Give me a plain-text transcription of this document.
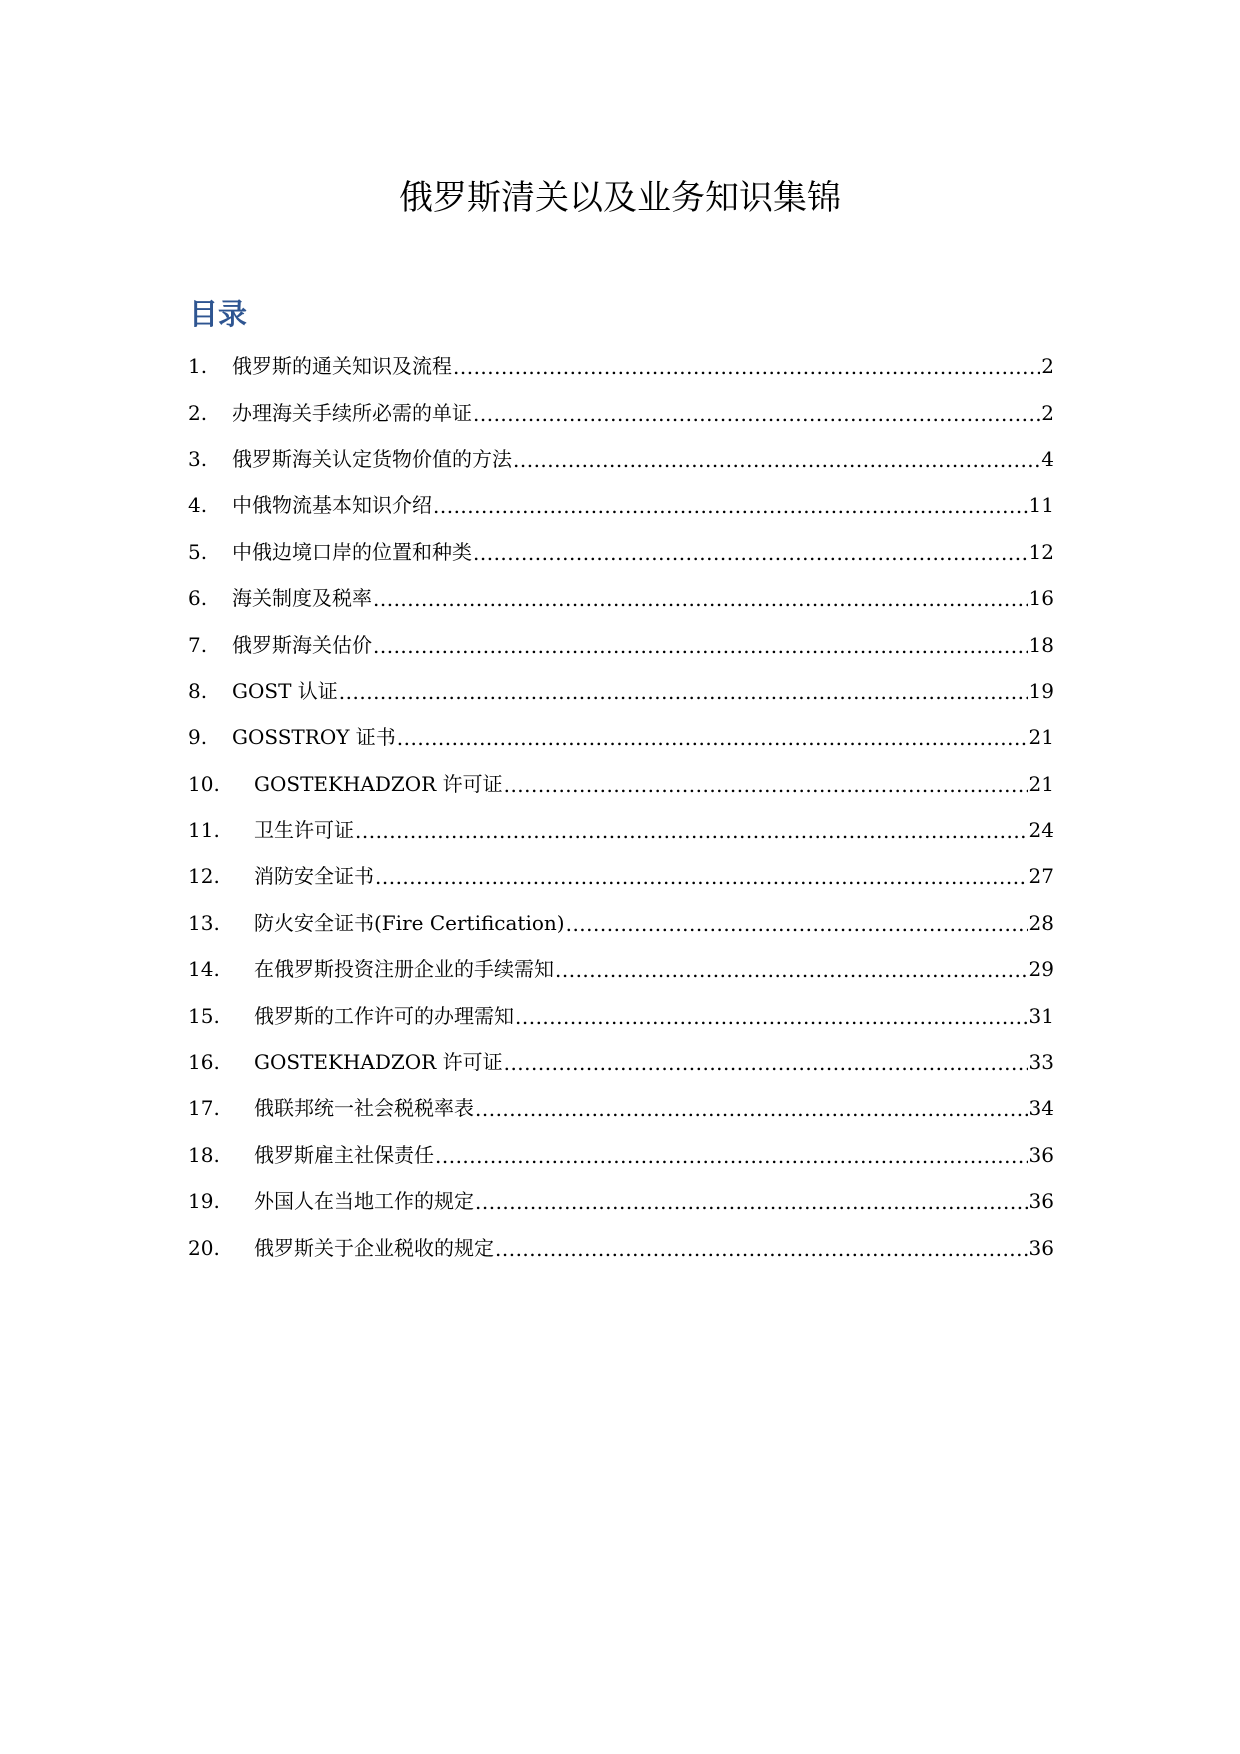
俄罗斯清关以及业务知识集锦
目录
1.	俄罗斯的通关知识及流程 .....	2
2.	办理海关手续所必需的单证 .....	2
3.	俄罗斯海关认定货物价值的方法 .....	4
4.	中俄物流基本知识介绍 .....	11
5.	中俄边境口岸的位置和种类 .....	12
6.	海关制度及税率 .....	16
7.	俄罗斯海关估价 .....	18
8.	GOST 认证 .....	19
9.	GOSSTROY 证书 .....	21
10.	GOSTEKHADZOR 许可证 .....	21
11.	卫生许可证 .....	24
12.	消防安全证书 .....	27
13.	防火安全证书(Fire Certification) .....	28
14.	在俄罗斯投资注册企业的手续需知 .....	29
15.	俄罗斯的工作许可的办理需知 .....	31
16.	GOSTEKHADZOR 许可证 .....	33
17.	俄联邦统一社会税税率表 .....	34
18.	俄罗斯雇主社保责任 .....	36
19.	外国人在当地工作的规定 .....	36
20.	俄罗斯关于企业税收的规定 .....	36
